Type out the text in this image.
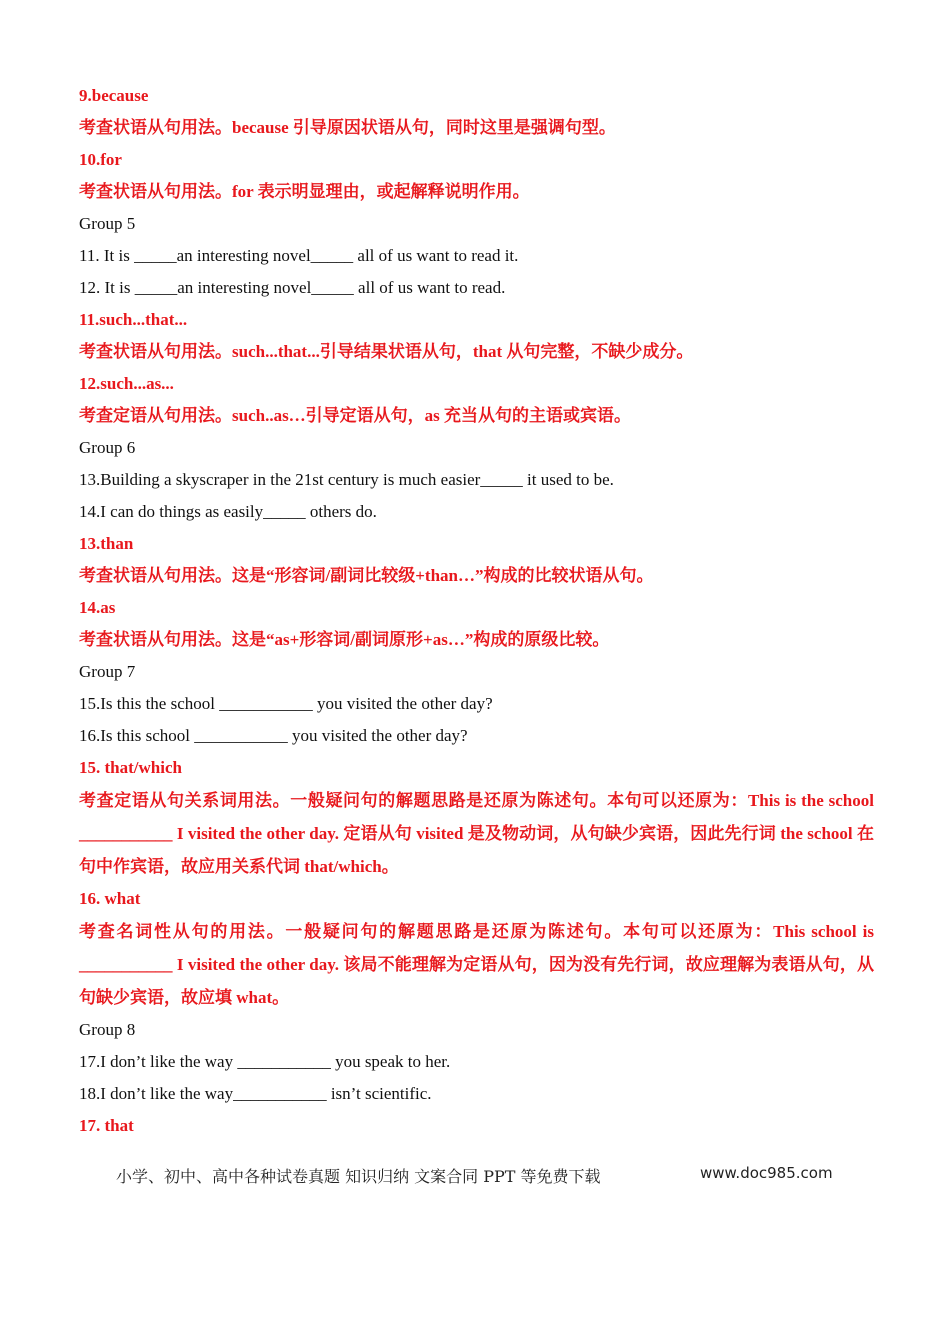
9.because
考查状语从句用法。because 引导原因状语从句，同时这里是强调句型。
10.for
考查状语从句用法。for 表示明显理由，或起解释说明作用。
Group 5
11. It is _____an interesting novel_____ all of us want to read it.
12. It is _____an interesting novel_____ all of us want to read.
11.such...that...
考查状语从句用法。such...that...引导结果状语从句，that 从句完整，不缺少成分。
12.such...as...
考查定语从句用法。such..as…引导定语从句，as 充当从句的主语或宾语。
Group 6
13.Building a skyscraper in the 21st century is much easier_____ it used to be.
14.I can do things as easily_____ others do.
13.than
考查状语从句用法。这是“形容词/副词比较级+than…”构成的比较状语从句。
14.as
考查状语从句用法。这是“as+形容词/副词原形+as…”构成的原级比较。
Group 7
15.Is this the school ___________ you visited the other day?
16.Is this school ___________ you visited the other day?
15. that/which
考查定语从句关系词用法。一般疑问句的解题思路是还原为陈述句。本句可以还原为：This is the school ___________ I visited the other day. 定语从句 visited 是及物动词，从句缺少宾语，因此先行词 the school 在句中作宾语，故应用关系代词 that/which。
16. what
考查名词性从句的用法。一般疑问句的解题思路是还原为陈述句。本句可以还原为：This school is ___________ I visited the other day. 该局不能理解为定语从句，因为没有先行词，故应理解为表语从句，从句缺少宾语，故应填 what。
Group 8
17.I don’t like the way ___________ you speak to her.
18.I don’t like the way___________ isn’t scientific.
17. that
小学、初中、高中各种试卷真题 知识归纳 文案合同 PPT 等免费下载	www.doc985.com
